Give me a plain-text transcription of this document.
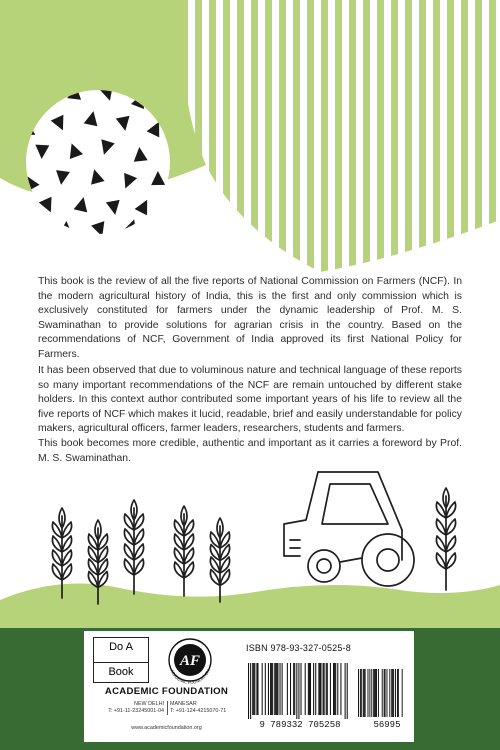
This book is the review of all the five reports of National Commission on Farmers (NCF). In the modern agricultural history of India, this is the first and only commission which is exclusively constituted for farmers under the dynamic leadership of Prof. M. S. Swaminathan to provide solutions for agrarian crisis in the country. Based on the recommendations of NCF, Government of India approved its first National Policy for Farmers.

It has been observed that due to voluminous nature and technical language of these reports so many important recommendations of the NCF are remain untouched by different stake holders. In this context author contributed some important years of his life to review all the five reports of NCF which makes it lucid, readable, brief and easily understandable for policy makers, agricultural officers, farmer leaders, researchers, students and farmers.

This book becomes more credible, authentic and important as it carries a foreword by Prof. M. S. Swaminathan.

Do A
Book
AF
ACADEMIC FOUNDATION
ACADEMIC FOUNDATION
NEW DELHI
T: +91-11-23245001-04
MANESAR
T: +91-124-4215070-71
www.academicfoundation.org
ISBN 978-93-327-0525-8
9 789332 705258	56995
